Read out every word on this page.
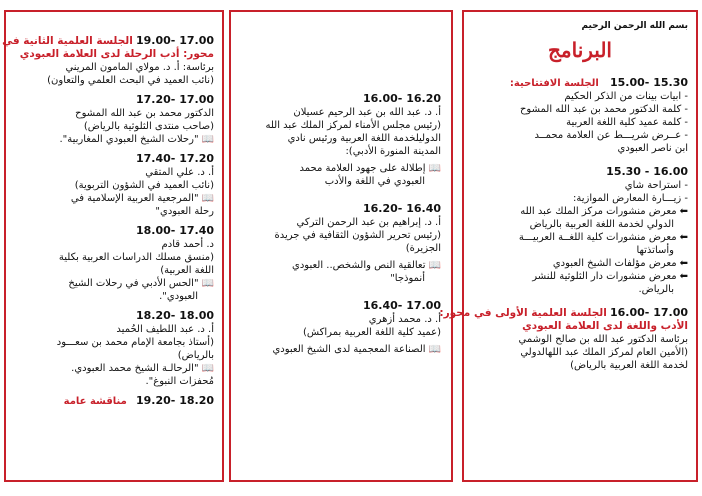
بسم الله الرحمن الرحيم
البرنامج
15.30 -15.00 الجلسة الافتتاحية:
- ابيات بينات من الذكر الحكيم
- كلمة الدكتور محمد بن عبد الله المشوح
- كلمة عميد كلية اللغة العربية
- عــرض شريـــط عن العلامة محمــد
ابن ناصر العبودي
16.00 - 15.30
- استراحة شاي
- زيـــارة المعارض الموازية:
⬅معرض منشورات مركز الملك عبد الله
الدولي لخدمة اللغة العربية بالرياض
⬅معرض منشورات كلية اللغــة العربيـــة
وأساتذتها
⬅معرض مؤلفات الشيخ العبودي
⬅معرض منشورات دار الثلوثية للنشر
بالرياض.
17.00 -16.00 الجلسة العلمية الأولى في محور:
الأدب واللغة لدى العلامة العبودي
برئاسة الدكتور عبد الله بن صالح الوشمي
(الأمين العام لمركز الملك عبد اللهالدولي
لخدمة اللغة العربية بالرياض)
16.20 -16.00
أ. د. عبد الله بن عبد الرحيم عسيلان
(رئيس مجلس الأمناء لمركز الملك عبد الله
الدوليلخدمة اللغة العربية ورئيس نادي
المدينة المنورة الأدبي):
📖إطلالة على جهود العلامة محمد
العبودي في اللغة والأدب
16.40 -16.20
أ. د. إبراهيم بن عبد الرحمن التركي
(رئيس تحرير الشؤون الثقافية في جريدة
الجزيرة)
📖تعالقية النص والشخص.. العبودي
أنموذجا"
17.00 -16.40
أ. د. محمد أزهري
(عميد كلية اللغة العربية بمراكش)
📖الصناعة المعجمية لدى الشيخ العبودي
17.00 -19.00 الجلسة العلمية الثانية في
محور: أدب الرحلة لدى العلامة العبودي
برئاسة: أ. د. مولاي المامون المريني
(نائب العميد في البحث العلمي والتعاون)
17.00 -17.20
الدكتور محمد بن عبد الله المشوح
(صاحب منتدى الثلوثية بالرياض)
📖"رحلات الشيخ العبودي المغاربية".
17.20 -17.40
أ. د. علي المتقي
(نائب العميد في الشؤون التربوية)
📖"المرجعية العربية الإسلامية في
رحلة العبودي"
17.40 -18.00
د. أحمد قادم
(منسق مسلك الدراسات العربية بكلية
اللغة العربية)
📖"الحس الأدبي في رحلات الشيخ
العبودي".
18.00 -18.20
أ. د. عبد اللطيف الحُميد
(أستاذ بجامعة الإمام محمد بن سعـــود
بالرياض)
📖"الرحالـة الشيخ محمد العبودي.
مُحفزات النبوغ".
18.20 -19.20 مناقشة عامة
